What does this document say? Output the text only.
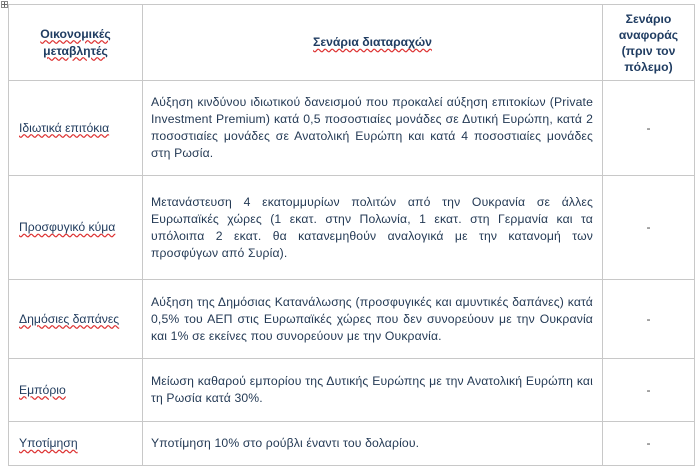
Οικονομικές μεταβλητές	Σενάρια διαταραχών	Σενάριο αναφοράς (πριν τον πόλεμο)
Ιδιωτικά επιτόκια	Αύξηση κινδύνου ιδιωτικού δανεισμού που προκαλεί αύξηση επιτοκίων (Private Investment Premium) κατά 0,5 ποσοστιαίες μονάδες σε Δυτική Ευρώπη, κατά 2 ποσοστιαίες μονάδες σε Ανατολική Ευρώπη και κατά 4 ποσοστιαίες μονάδες στη Ρωσία.	-
Προσφυγικό κύμα	Μετανάστευση 4 εκατομμυρίων πολιτών από την Ουκρανία σε άλλες Ευρωπαϊκές χώρες (1 εκατ. στην Πολωνία, 1 εκατ. στη Γερμανία και τα υπόλοιπα 2 εκατ. θα κατανεμηθούν αναλογικά με την κατανομή των προσφύγων από Συρία).	-
Δημόσιες δαπάνες	Αύξηση της Δημόσιας Κατανάλωσης (προσφυγικές και αμυντικές δαπάνες) κατά 0,5% του ΑΕΠ στις Ευρωπαϊκές χώρες που δεν συνορεύουν με την Ουκρανία και 1% σε εκείνες που συνορεύουν με την Ουκρανία.	-
Εμπόριο	Μείωση καθαρού εμπορίου της Δυτικής Ευρώπης με την Ανατολική Ευρώπη και τη Ρωσία κατά 30%.	-
Υποτίμηση	Υποτίμηση 10% στο ρούβλι έναντι του δολαρίου.	-
